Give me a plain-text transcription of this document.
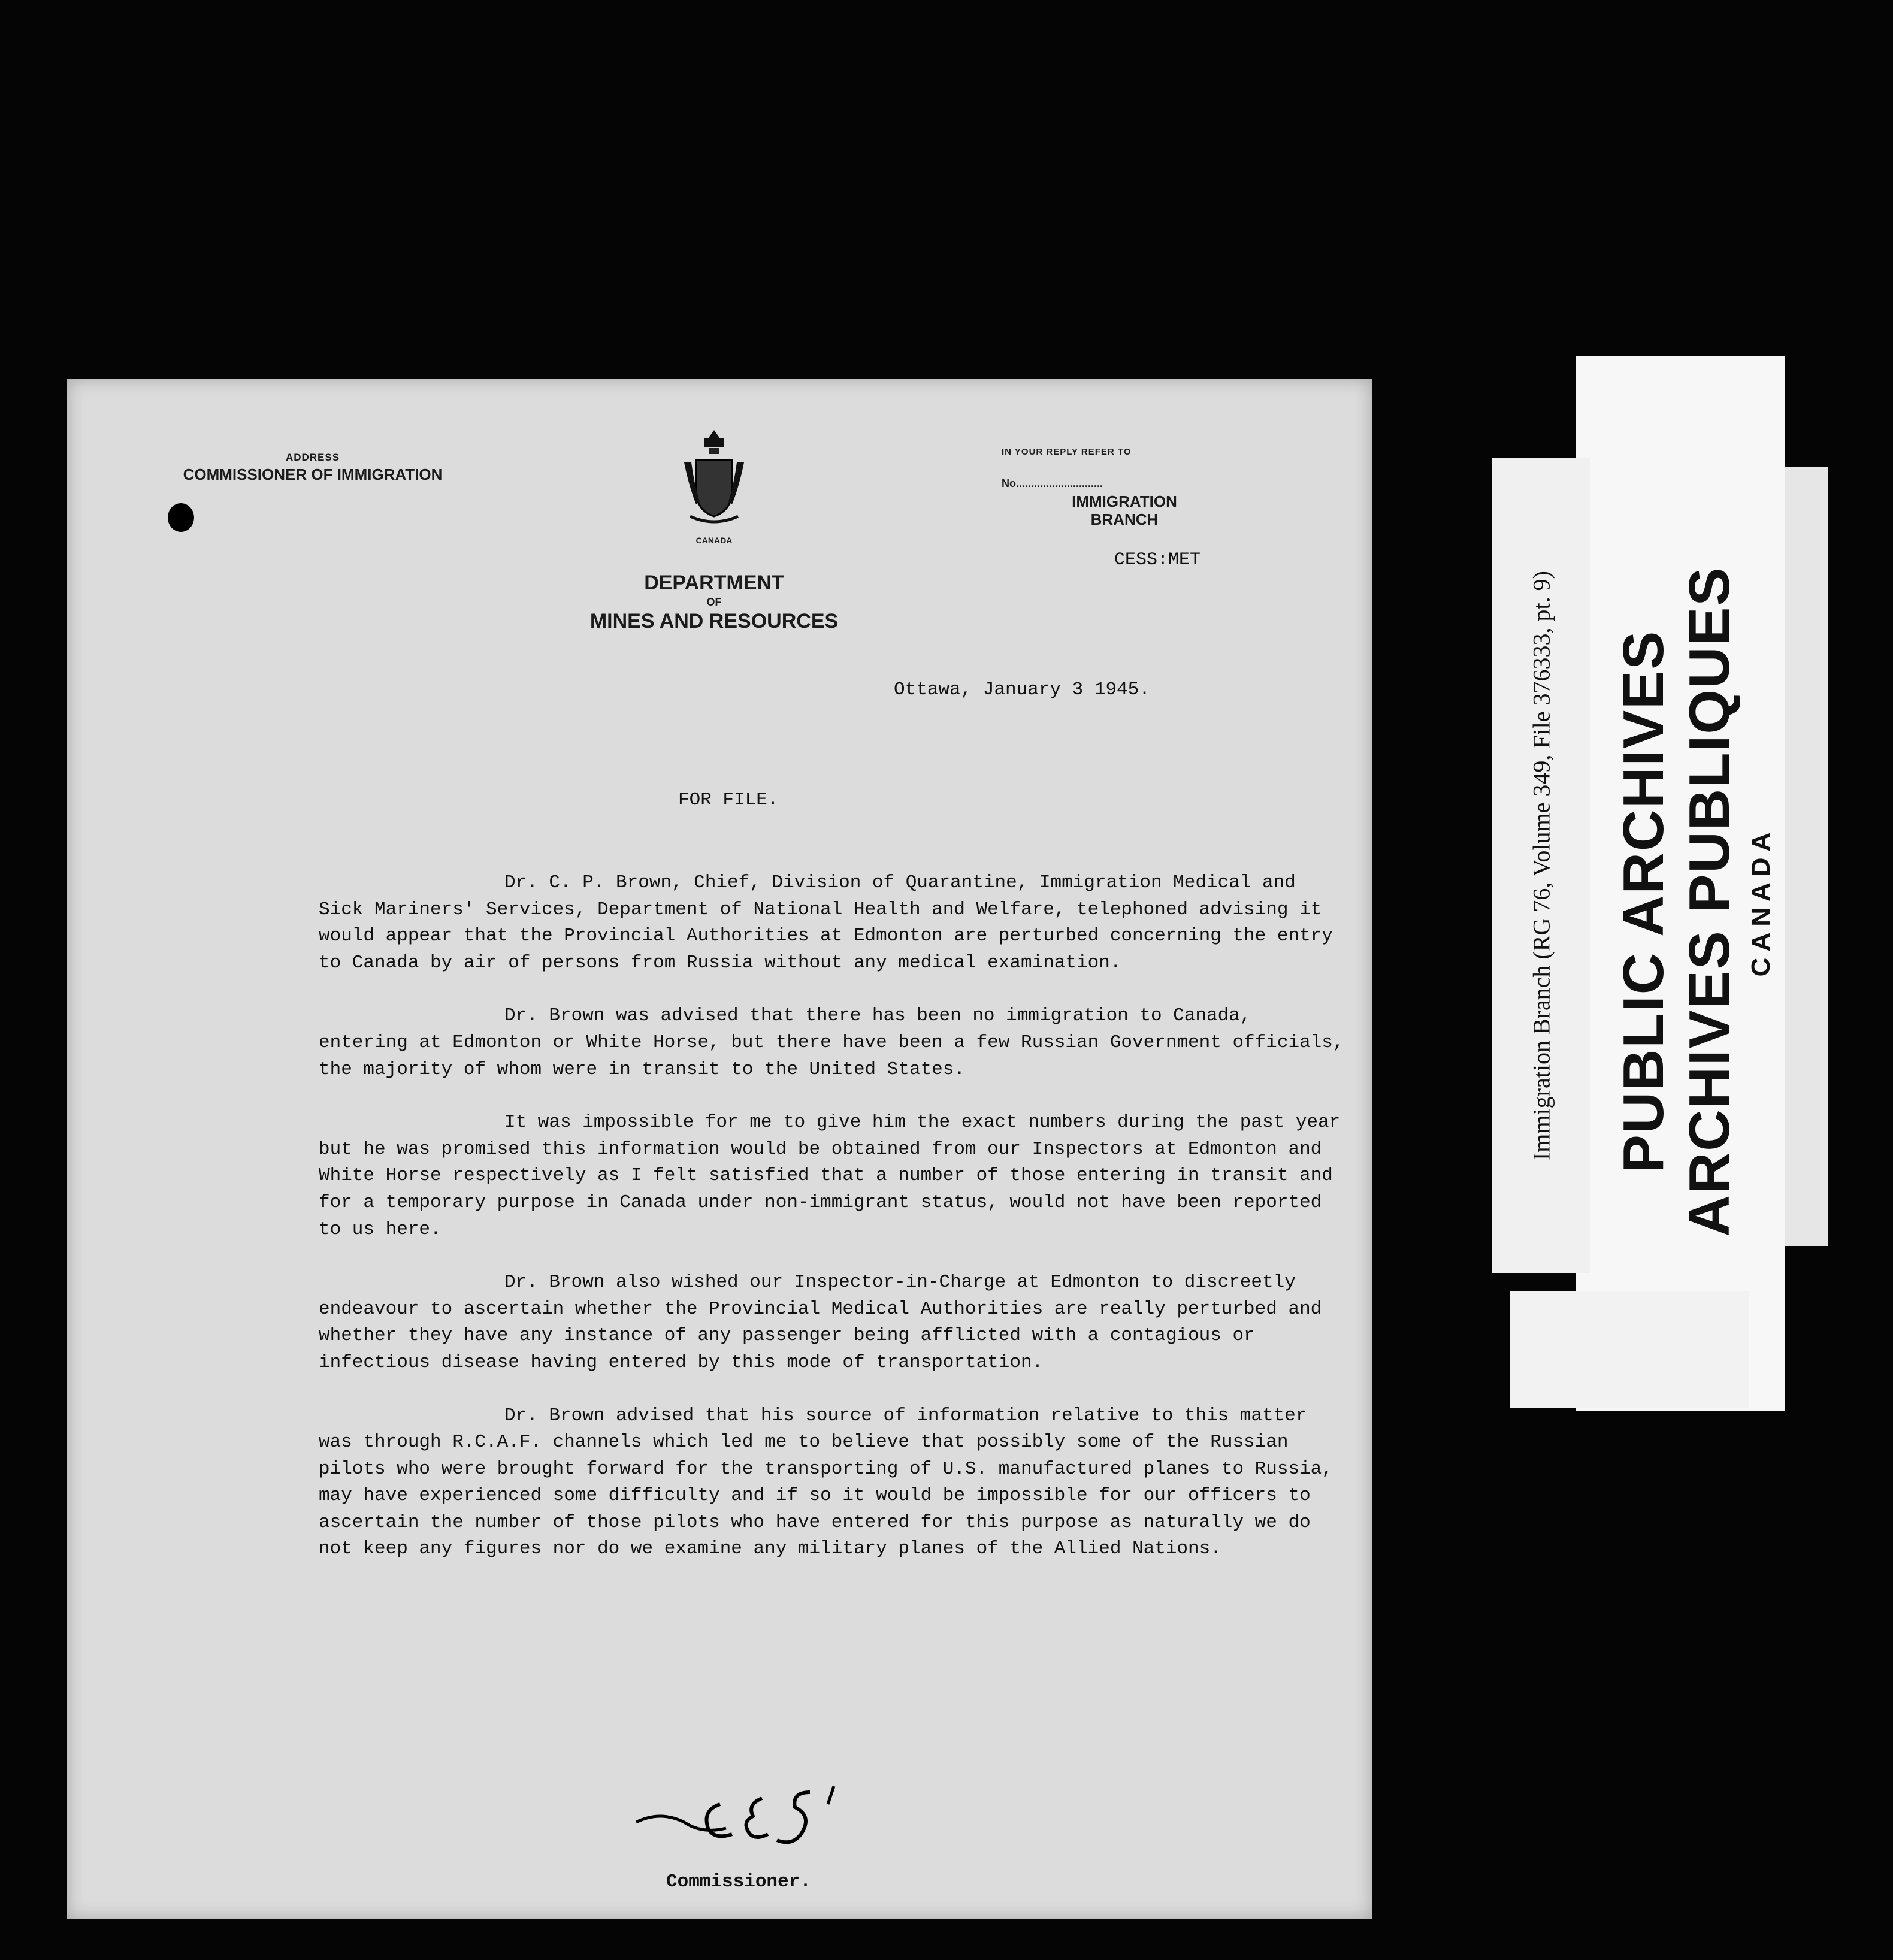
ADDRESS
COMMISSIONER OF IMMIGRATION
CANADA
DEPARTMENT
OF
MINES AND RESOURCES
IN YOUR REPLY REFER TO
No.............................
IMMIGRATION
BRANCH
CESS:MET
Ottawa, January 3 1945.
FOR FILE.

Dr. C. P. Brown, Chief, Division of Quarantine, Immigration Medical and Sick Mariners' Services, Department of National Health and Welfare, telephoned advising it would appear that the Provincial Authorities at Edmonton are perturbed concerning the entry to Canada by air of persons from Russia without any medical examination.

Dr. Brown was advised that there has been no immigration to Canada, entering at Edmonton or White Horse, but there have been a few Russian Government officials, the majority of whom were in transit to the United States.

It was impossible for me to give him the exact numbers during the past year but he was promised this information would be obtained from our Inspectors at Edmonton and White Horse respectively as I felt satisfied that a number of those entering in transit and for a temporary purpose in Canada under non-immigrant status, would not have been reported to us here.

Dr. Brown also wished our Inspector-in-Charge at Edmonton to discreetly endeavour to ascertain whether the Provincial Medical Authorities are really perturbed and whether they have any instance of any passenger being afflicted with a contagious or infectious disease having entered by this mode of transportation.

Dr. Brown advised that his source of information relative to this matter was through R.C.A.F. channels which led me to believe that possibly some of the Russian pilots who were brought forward for the transporting of U.S. manufactured planes to Russia, may have experienced some difficulty and if so it would be impossible for our officers to ascertain the number of those pilots who have entered for this purpose as naturally we do not keep any figures nor do we examine any military planes of the Allied Nations.

Commissioner.
Immigration Branch (RG 76, Volume 349, File 376333, pt. 9) PUBLIC ARCHIVES ARCHIVES PUBLIQUES CANADA
